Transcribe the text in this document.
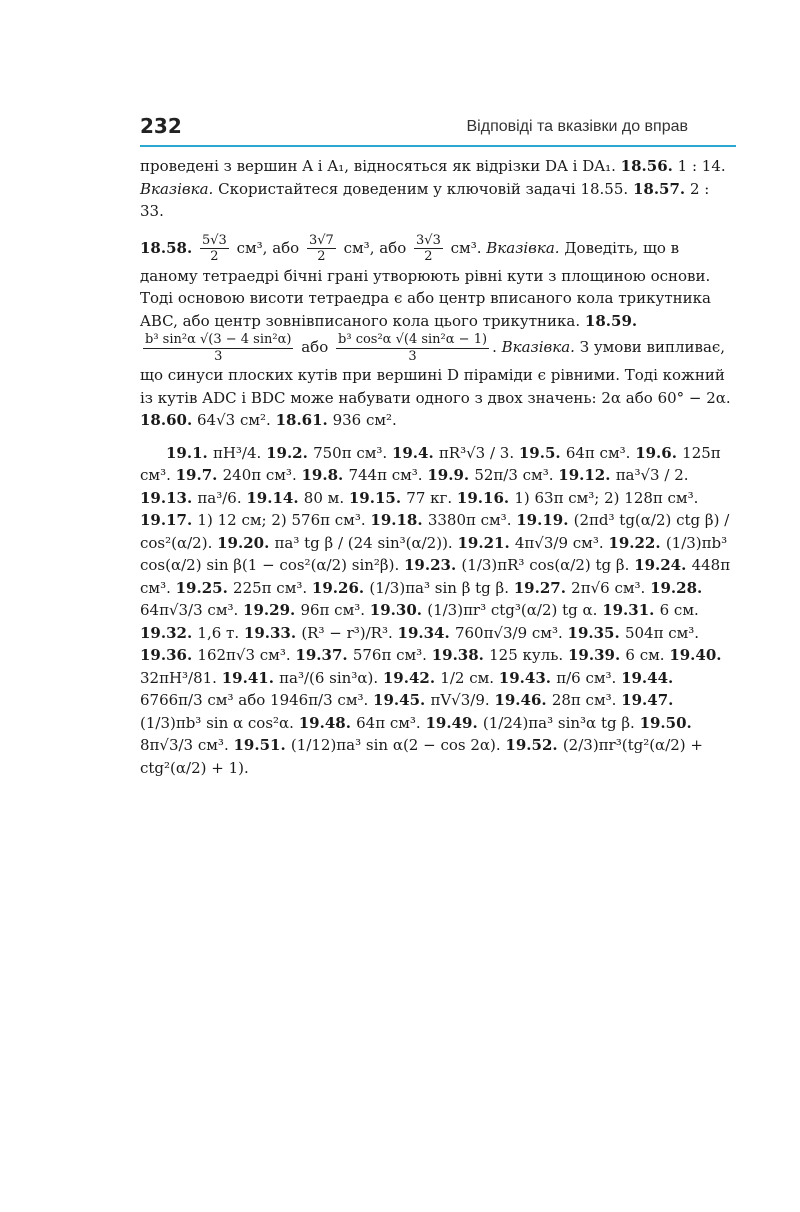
232	Відповіді та вказівки до вправ

проведені з вершин A і A₁, відносяться як відрізки DA і DA₁. 18.56. 1 : 14. Вказівка. Скористайтеся доведеним у ключовій задачі 18.55. 18.57. 2 : 33.

18.58. $\frac{5√3}{2} см^3$, або $\frac{3√7}{2} см^3$, або $\frac{3√3}{2} см^3$. Вказівка. Доведіть, що в даному тетраедрі бічні грані утворюють рівні кути з площиною основи. Тоді основою висоти тетраедра є або центр вписаного кола трикутника ABC, або центр зовнівписаного кола цього трикутника. 18.59.
$\frac{\text{b³ sin²α √(3 − 4 sin²α)}}{3}$ або $\frac{\text{b³ cos²α √(4 sin²α − 1)}}{3}$ . Вказівка. З умови випливає, що синуси плоских кутів при вершині D піраміди є рівними. Тоді кожний із кутів ADC і BDC може набувати одного з двох значень: 2α або 60° − 2α. 18.60. 64√3 см². 18.61. 936 см².

19.1. πH³/4. 19.2. 750π см³. 19.4. πR³√3 / 3. 19.5. 64π см³. 19.6. 125π см³. 19.7. 240π см³. 19.8. 744π см³. 19.9. 52π/3 см³. 19.12. πa³√3 / 2. 19.13. πa³/6. 19.14. 80 м. 19.15. 77 кг. 19.16. 1) 63π см³; 2) 128π см³. 19.17. 1) 12 см; 2) 576π см³. 19.18. 3380π см³. 19.19. (2πd³ tg(α/2) ctg β) / cos²(α/2). 19.20. πa³ tg β / (24 sin³(α/2)). 19.21. 4π√3/9 см³. 19.22. (1/3)πb³ cos(α/2) sin β(1 − cos²(α/2) sin²β). 19.23. (1/3)πR³ cos(α/2) tg β. 19.24. 448π см³. 19.25. 225π см³. 19.26. (1/3)πa³ sin β tg β. 19.27. 2π√6 см³. 19.28. 64π√3/3 см³. 19.29. 96π см³. 19.30. (1/3)πr³ ctg³(α/2) tg α. 19.31. 6 см. 19.32. 1,6 т. 19.33. (R³ − r³)/R³. 19.34. 760π√3/9 см³. 19.35. 504π см³. 19.36. 162π√3 см³. 19.37. 576π см³. 19.38. 125 куль. 19.39. 6 см. 19.40. 32πH³/81. 19.41. πa³/(6 sin³α). 19.42. 1/2 см. 19.43. π/6 см³. 19.44. 6766π/3 см³ або 1946π/3 см³. 19.45. πV√3/9. 19.46. 28π см³. 19.47. (1/3)πb³ sin α cos²α. 19.48. 64π см³. 19.49. (1/24)πa³ sin³α tg β. 19.50. 8π√3/3 см³. 19.51. (1/12)πa³ sin α(2 − cos 2α). 19.52. (2/3)πr³(tg²(α/2) + ctg²(α/2) + 1).
